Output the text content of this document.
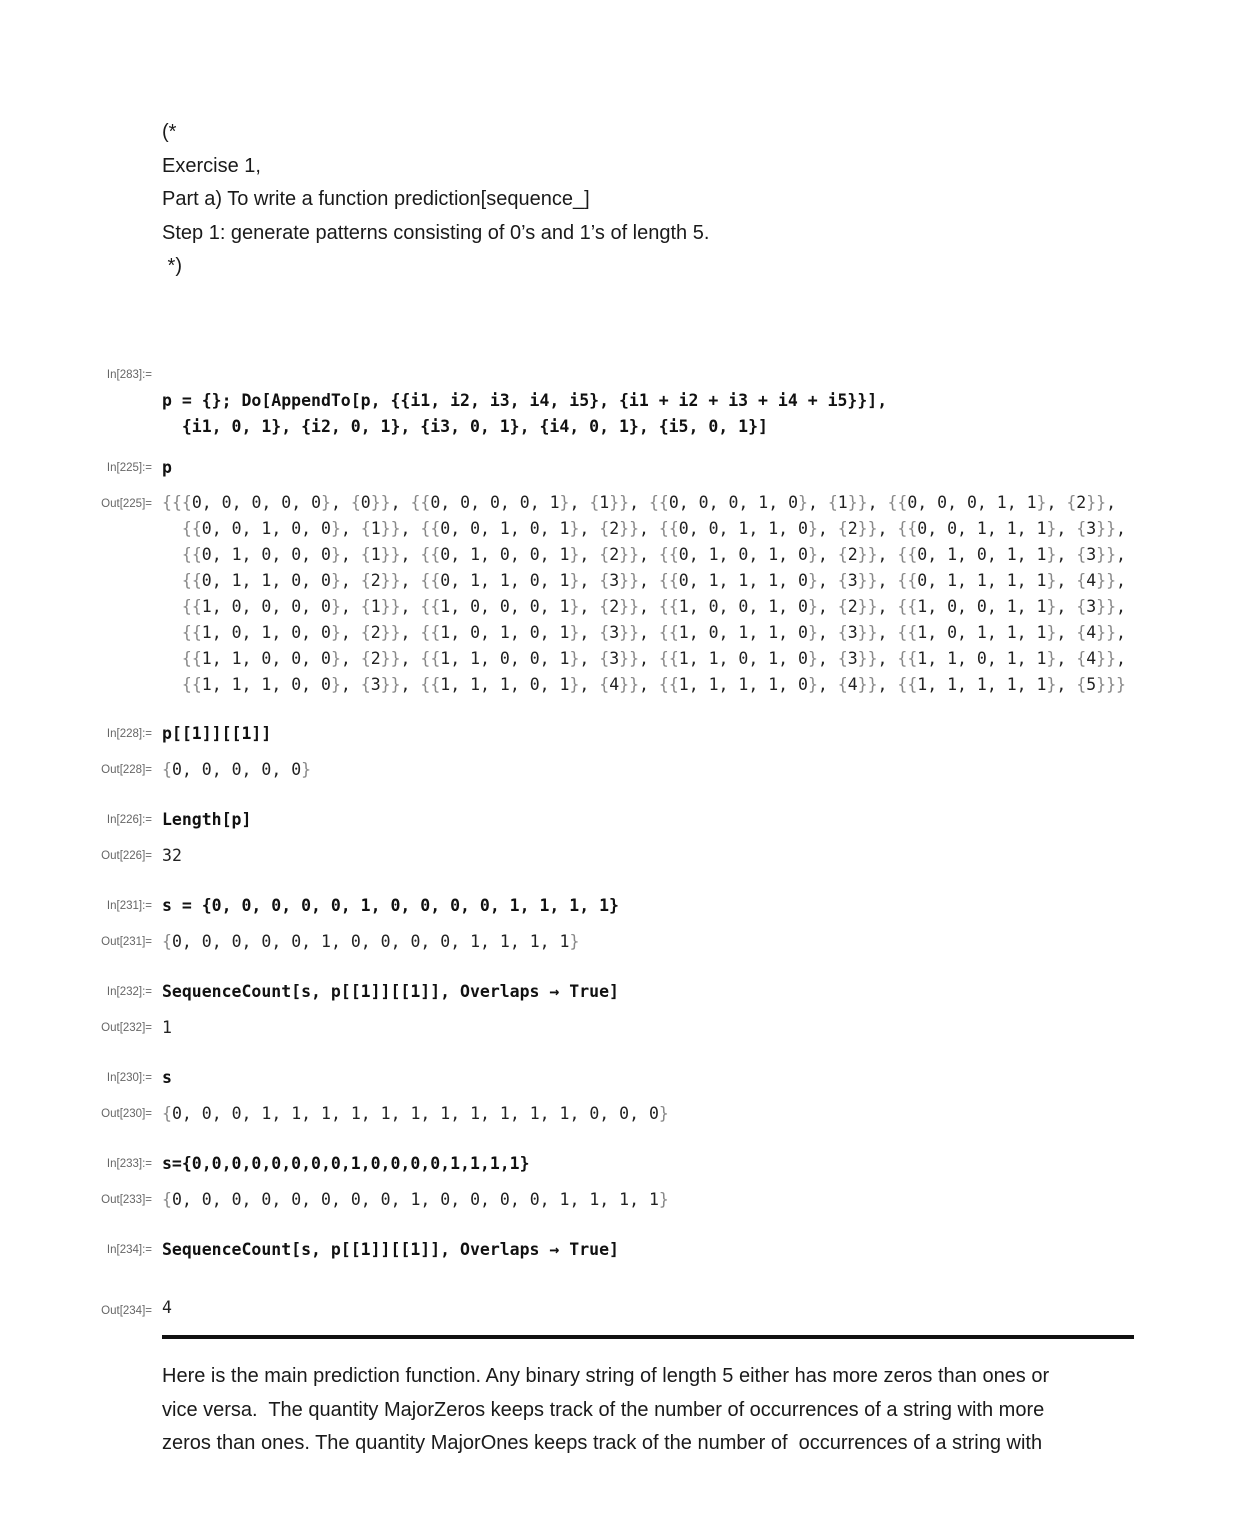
(*
Exercise 1,
Part a) To write a function prediction[sequence_]
Step 1: generate patterns consisting of 0’s and 1’s of length 5.
*)
In[283]:=
p = {}; Do[AppendTo[p, {{i1, i2, i3, i4, i5}, {i1 + i2 + i3 + i4 + i5}}],
{i1, 0, 1}, {i2, 0, 1}, {i3, 0, 1}, {i4, 0, 1}, {i5, 0, 1}]
In[225]:= p
Out[225]= {{{0, 0, 0, 0, 0}, {0}}, {{0, 0, 0, 0, 1}, {1}}, {{0, 0, 0, 1, 0}, {1}}, {{0, 0, 0, 1, 1}, {2}},
{{0, 0, 1, 0, 0}, {1}}, {{0, 0, 1, 0, 1}, {2}}, {{0, 0, 1, 1, 0}, {2}}, {{0, 0, 1, 1, 1}, {3}},
{{0, 1, 0, 0, 0}, {1}}, {{0, 1, 0, 0, 1}, {2}}, {{0, 1, 0, 1, 0}, {2}}, {{0, 1, 0, 1, 1}, {3}},
{{0, 1, 1, 0, 0}, {2}}, {{0, 1, 1, 0, 1}, {3}}, {{0, 1, 1, 1, 0}, {3}}, {{0, 1, 1, 1, 1}, {4}},
{{1, 0, 0, 0, 0}, {1}}, {{1, 0, 0, 0, 1}, {2}}, {{1, 0, 0, 1, 0}, {2}}, {{1, 0, 0, 1, 1}, {3}},
{{1, 0, 1, 0, 0}, {2}}, {{1, 0, 1, 0, 1}, {3}}, {{1, 0, 1, 1, 0}, {3}}, {{1, 0, 1, 1, 1}, {4}},
{{1, 1, 0, 0, 0}, {2}}, {{1, 1, 0, 0, 1}, {3}}, {{1, 1, 0, 1, 0}, {3}}, {{1, 1, 0, 1, 1}, {4}},
{{1, 1, 1, 0, 0}, {3}}, {{1, 1, 1, 0, 1}, {4}}, {{1, 1, 1, 1, 0}, {4}}, {{1, 1, 1, 1, 1}, {5}}}
In[228]:= p[[1]][[1]]
Out[228]= {0, 0, 0, 0, 0}
In[226]:= Length[p]
Out[226]= 32
In[231]:= s = {0, 0, 0, 0, 0, 1, 0, 0, 0, 0, 1, 1, 1, 1}
Out[231]= {0, 0, 0, 0, 0, 1, 0, 0, 0, 0, 1, 1, 1, 1}
In[232]:= SequenceCount[s, p[[1]][[1]], Overlaps → True]
Out[232]= 1
In[230]:= s
Out[230]= {0, 0, 0, 1, 1, 1, 1, 1, 1, 1, 1, 1, 1, 1, 0, 0, 0}
In[233]:= s={0,0,0,0,0,0,0,0,1,0,0,0,0,1,1,1,1}
Out[233]= {0, 0, 0, 0, 0, 0, 0, 0, 1, 0, 0, 0, 0, 1, 1, 1, 1}
In[234]:= SequenceCount[s, p[[1]][[1]], Overlaps → True]
Out[234]= 4
Here is the main prediction function. Any binary string of length 5 either has more zeros than ones or
vice versa.  The quantity MajorZeros keeps track of the number of occurrences of a string with more
zeros than ones. The quantity MajorOnes keeps track of the number of  occurrences of a string with
